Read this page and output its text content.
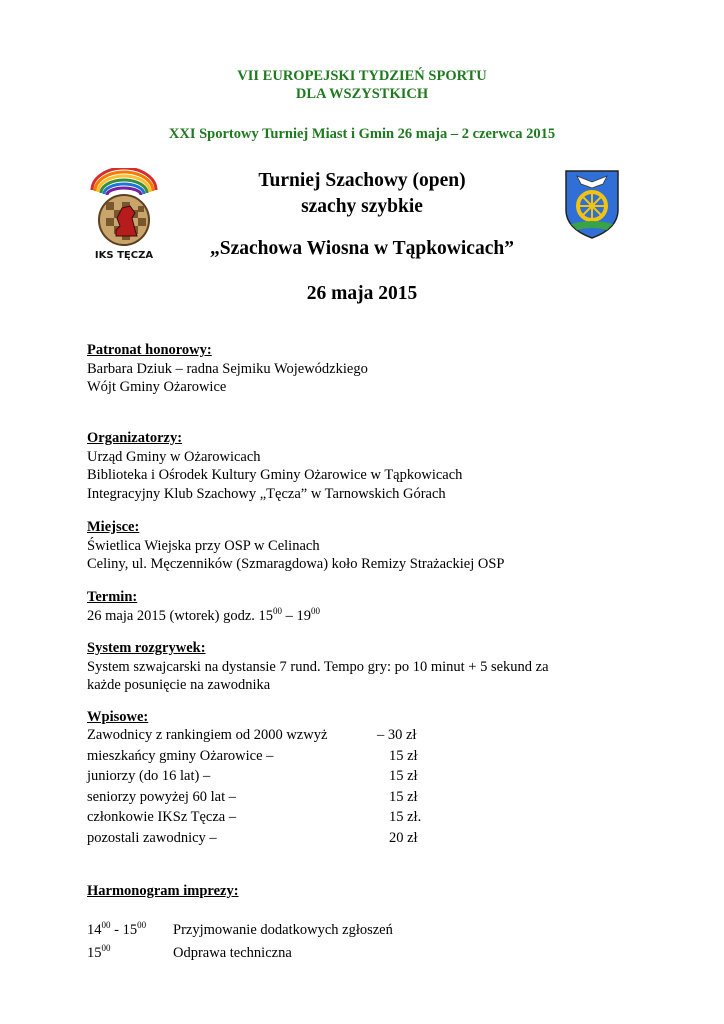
VII EUROPEJSKI TYDZIEŃ SPORTU
DLA WSZYSTKICH
XXI Sportowy Turniej Miast i Gmin 26 maja – 2 czerwca 2015
IKS TĘCZA
Turniej Szachowy (open)
szachy szybkie
„Szachowa Wiosna w Tąpkowicach”
26 maja 2015
Patronat honorowy:
Barbara Dziuk – radna Sejmiku Wojewódzkiego
Wójt Gminy Ożarowice
Organizatorzy:
Urząd Gminy w Ożarowicach
Biblioteka i Ośrodek Kultury Gminy Ożarowice w Tąpkowicach
Integracyjny Klub Szachowy „Tęcza” w Tarnowskich Górach
Miejsce:
Świetlica Wiejska przy OSP w Celinach
Celiny, ul. Męczenników (Szmaragdowa) koło Remizy Strażackiej OSP
Termin:
26 maja 2015 (wtorek) godz. $15^{00} - 19^{00}$
System rozgrywek:
System szwajcarski na dystansie 7 rund. Tempo gry: po 10 minut + 5 sekund za
każde posunięcie na zawodnika
Wpisowe:
Zawodnicy z rankingiem od 2000 wzwyż	– 30 zł
mieszkańcy gminy Ożarowice –	15 zł
juniorzy (do 16 lat) –	15 zł
seniorzy powyżej 60 lat –	15 zł
członkowie IKSz Tęcza –	15 zł.
pozostali zawodnicy –	20 zł
Harmonogram imprezy:
$14^{00} - 15^{00}$ Przyjmowanie dodatkowych zgłoszeń
$15^{00}$	Odprawa techniczna
